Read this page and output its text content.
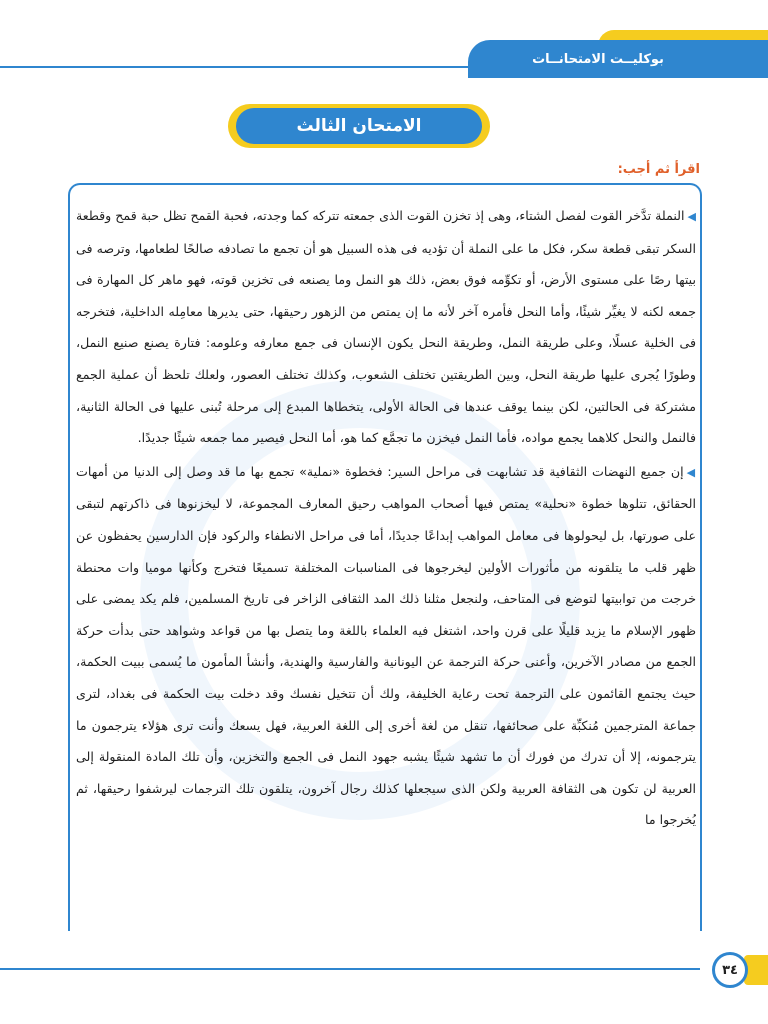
بوكليــت الامتحانــات
الامتحان الثالث
اقرأ ثم أجب:

◀النملة تدَّخر القوت لفصل الشتاء، وهى إذ تخزن القوت الذى جمعته تتركه كما وجدته، فحبة القمح تظل حبة قمح وقطعة السكر تبقى قطعة سكر، فكل ما على النملة أن تؤديه فى هذه السبيل هو أن تجمع ما تصادفه صالحًا لطعامها، وترصه فى بيتها رصًا على مستوى الأرض، أو تكوِّمه فوق بعض، ذلك هو النمل وما يصنعه فى تخزين قوته، فهو ماهر كل المهارة فى جمعه لكنه لا يغيِّر شيئًا، وأما النحل فأمره آخر لأنه ما إن يمتص من الزهور رحيقها، حتى يديرها معامِله الداخلية، فتخرجه فى الخلية عسلًا، وعلى طريقة النمل، وطريقة النحل يكون الإنسان فى جمع معارفه وعلومه: فتارة يصنع صنيع النمل، وطورًا يُجرى عليها طريقة النحل، وبين الطريقتين تختلف الشعوب، وكذلك تختلف العصور، ولعلك تلحظ أن عملية الجمع مشتركة فى الحالتين، لكن بينما يوقف عندها فى الحالة الأولى، يتخطاها المبدع إلى مرحلة تُبنى عليها فى الحالة الثانية، فالنمل والنحل كلاهما يجمع مواده، فأما النمل فيخزن ما تجمَّع كما هو، أما النحل فيصير مما جمعه شيئًا جديدًا.

◀إن جميع النهضات الثقافية قد تشابهت فى مراحل السير: فخطوة «نملية» تجمع بها ما قد وصل إلى الدنيا من أمهات الحقائق، تتلوها خطوة «نحلية» يمتص فيها أصحاب المواهب رحيق المعارف المجموعة، لا ليخزنوها فى ذاكرتهم لتبقى على صورتها، بل ليحولوها فى معامل المواهب إبداعًا جديدًا، أما فى مراحل الانطفاء والركود فإن الدارسين يحفظون عن ظهر قلب ما يتلقونه من مأثورات الأولين ليخرجوها فى المناسبات المختلفة تسميعًا فتخرج وكأنها موميا وات محنطة خرجت من توابيتها لتوضع فى المتاحف، ولنجعل مثلنا ذلك المد الثقافى الزاخر فى تاريخ المسلمين، فلم يكد يمضى على ظهور الإسلام ما يزيد قليلًا على قرن واحد، اشتغل فيه العلماء باللغة وما يتصل بها من قواعد وشواهد حتى بدأت حركة الجمع من مصادر الآخرين، وأعنى حركة الترجمة عن اليونانية والفارسية والهندية، وأنشأ المأمون ما يُسمى ببيت الحكمة، حيث يجتمع القائمون على الترجمة تحت رعاية الخليفة، ولك أن تتخيل نفسك وقد دخلت بيت الحكمة فى بغداد، لترى جماعة المترجمين مُنكبِّة على صحائفها، تنقل من لغة أخرى إلى اللغة العربية، فهل يسعك وأنت ترى هؤلاء يترجمون ما يترجمونه، إلا أن تدرك من فورك أن ما تشهد شيئًا يشبه جهود النمل فى الجمع والتخزين، وأن تلك المادة المنقولة إلى العربية لن تكون هى الثقافة العربية ولكن الذى سيجعلها كذلك رجال آخرون، يتلقون تلك الترجمات ليرشفوا رحيقها، ثم يُخرجوا ما

٣٤
